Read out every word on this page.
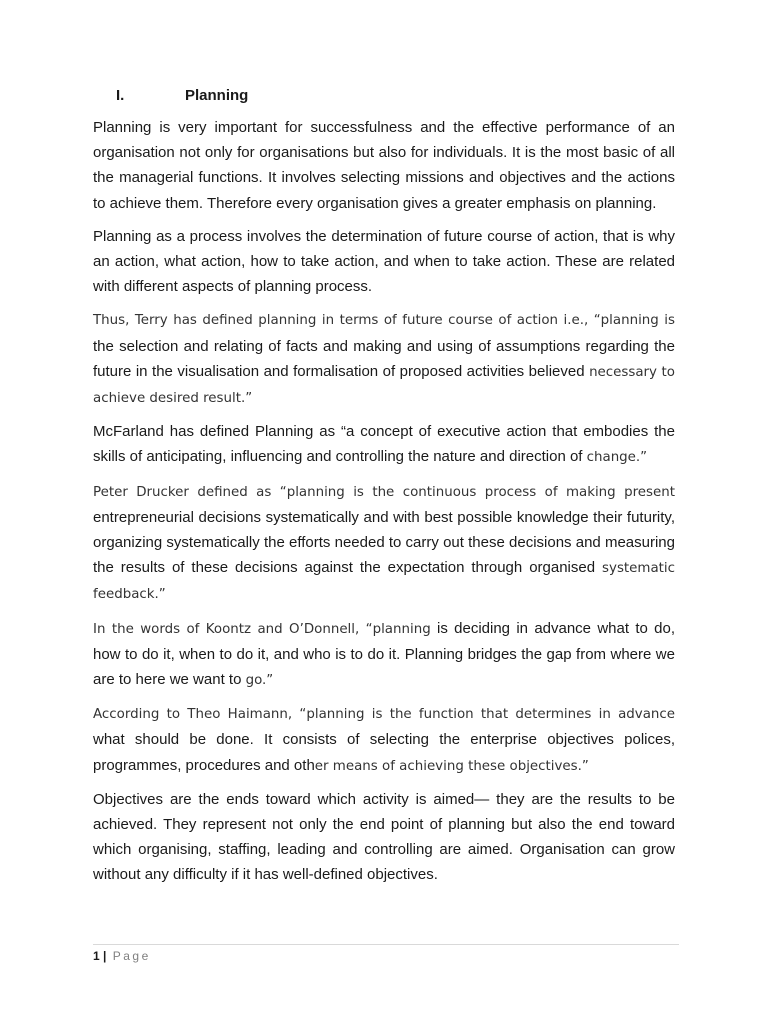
I.	Planning

Planning is very important for successfulness and the effective performance of an organisation not only for organisations but also for individuals. It is the most basic of all the managerial functions. It involves selecting missions and objectives and the actions to achieve them. Therefore every organisation gives a greater emphasis on planning.

Planning as a process involves the determination of future course of action, that is why an action, what action, how to take action, and when to take action. These are related with different aspects of planning process.

Thus, Terry has defined planning in terms of future course of action i.e., “planning is the selection and relating of facts and making and using of assumptions regarding the future in the visualisation and formalisation of proposed activities believed necessary to achieve desired result.”

McFarland has defined Planning as “a concept of executive action that embodies the skills of anticipating, influencing and controlling the nature and direction of change.”

Peter Drucker defined as “planning is the continuous process of making present entrepreneurial decisions systematically and with best possible knowledge their futurity, organizing systematically the efforts needed to carry out these decisions and measuring the results of these decisions against the expectation through organised systematic feedback.”

In the words of Koontz and O’Donnell, “planning is deciding in advance what to do, how to do it, when to do it, and who is to do it. Planning bridges the gap from where we are to here we want to go.”

According to Theo Haimann, “planning is the function that determines in advance what should be done. It consists of selecting the enterprise objectives polices, programmes, procedures and other means of achieving these objectives.”

Objectives are the ends toward which activity is aimed— they are the results to be achieved. They represent not only the end point of planning but also the end toward which organising, staffing, leading and controlling are aimed. Organisation can grow without any difficulty if it has well-defined objectives.

1 | Page
